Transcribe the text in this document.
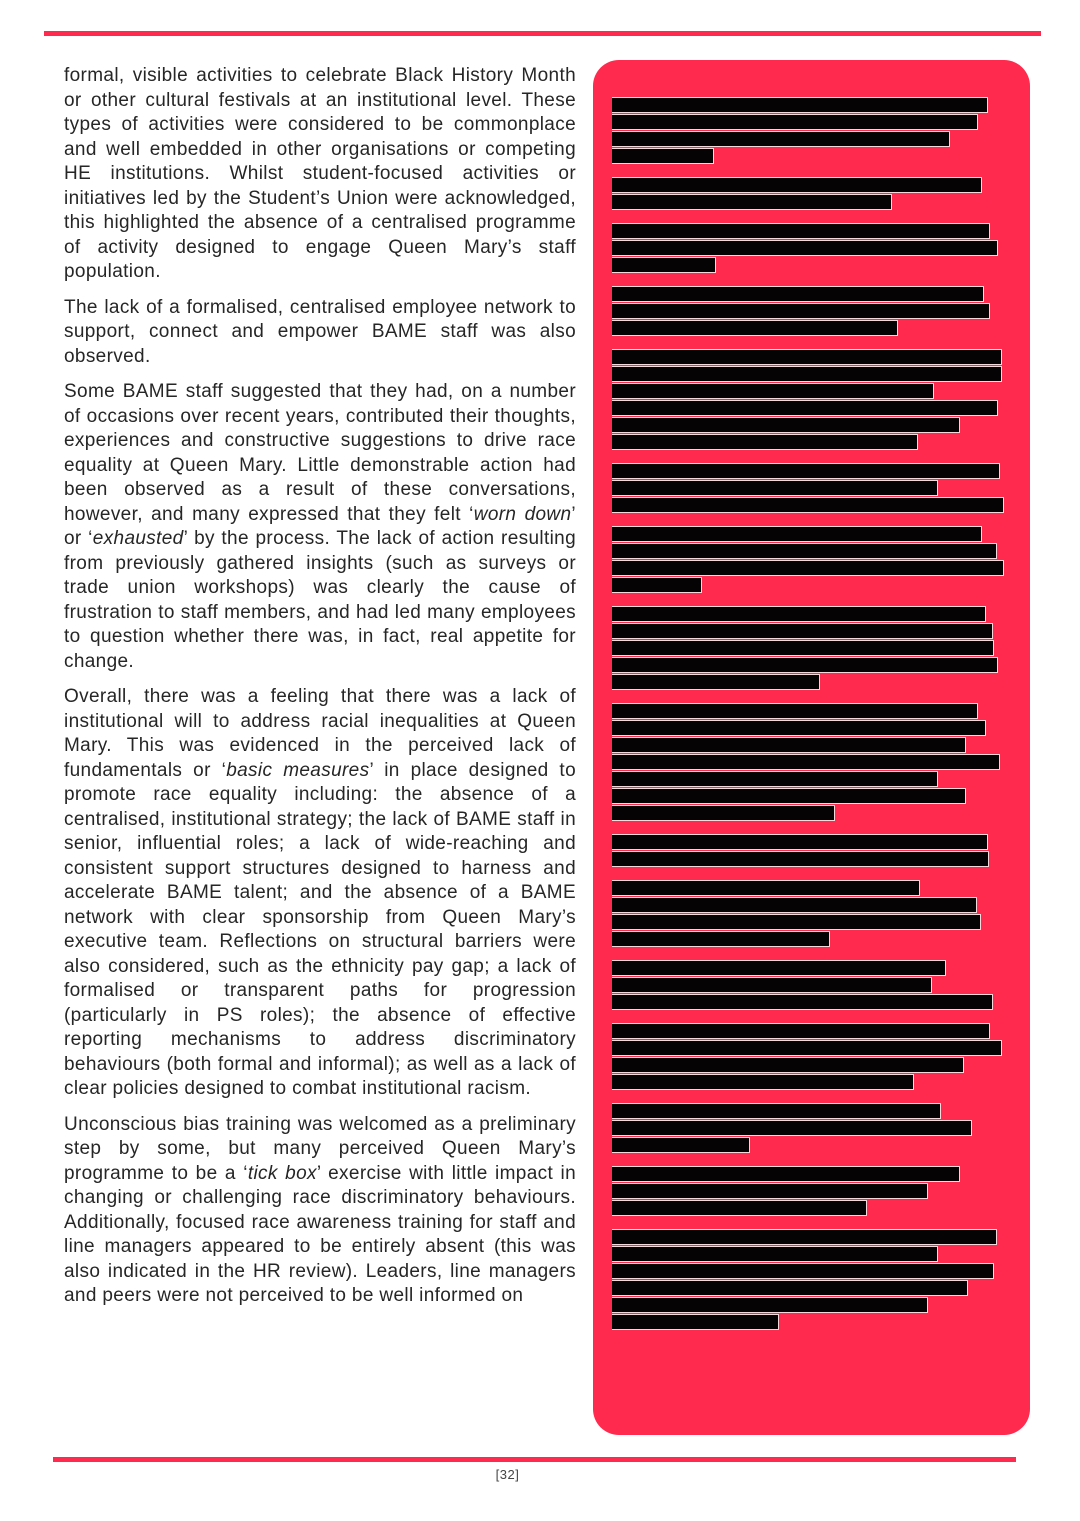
formal, visible activities to celebrate Black History Month or other cultural festivals at an institutional level. These types of activities were considered to be commonplace and well embedded in other organisations or competing HE institutions. Whilst student-focused activities or initiatives led by the Student’s Union were acknowledged, this highlighted the absence of a centralised programme of activity designed to engage Queen Mary’s staff population.

The lack of a formalised, centralised employee network to support, connect and empower BAME staff was also observed.

Some BAME staff suggested that they had, on a number of occasions over recent years, contributed their thoughts, experiences and constructive suggestions to drive race equality at Queen Mary. Little demonstrable action had been observed as a result of these conversations, however, and many expressed that they felt ‘worn down’ or ‘exhausted’ by the process. The lack of action resulting from previously gathered insights (such as surveys or trade union workshops) was clearly the cause of frustration to staff members, and had led many employees to question whether there was, in fact, real appetite for change.

Overall, there was a feeling that there was a lack of institutional will to address racial inequalities at Queen Mary. This was evidenced in the perceived lack of fundamentals or ‘basic measures’ in place designed to promote race equality including: the absence of a centralised, institutional strategy; the lack of BAME staff in senior, influential roles; a lack of wide-reaching and consistent support structures designed to harness and accelerate BAME talent; and the absence of a BAME network with clear sponsorship from Queen Mary’s executive team. Reflections on structural barriers were also considered, such as the ethnicity pay gap; a lack of formalised or transparent paths for progression (particularly in PS roles); the absence of effective reporting mechanisms to address discriminatory behaviours (both formal and informal); as well as a lack of clear policies designed to combat institutional racism.

Unconscious bias training was welcomed as a preliminary step by some, but many perceived Queen Mary’s programme to be a ‘tick box’ exercise with little impact in changing or challenging race discriminatory behaviours. Additionally, focused race awareness training for staff and line managers appeared to be entirely absent (this was also indicated in the HR review). Leaders, line managers and peers were not perceived to be well informed on

[32]
